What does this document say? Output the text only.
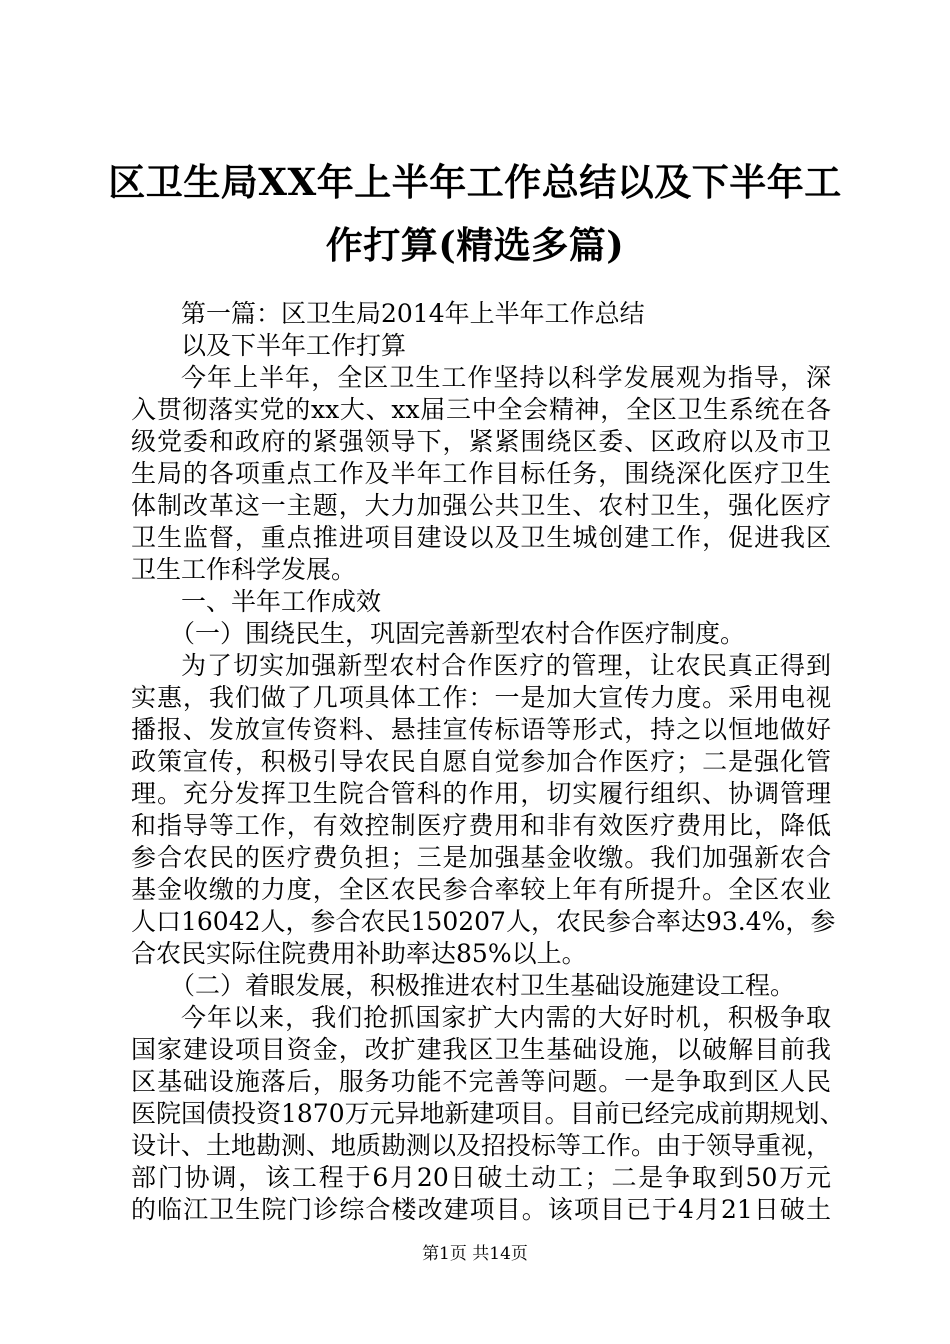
区卫生局XX年上半年工作总结以及下半年工
作打算(精选多篇)
第一篇：区卫生局2014年上半年工作总结
以及下半年工作打算
今年上半年，全区卫生工作坚持以科学发展观为指导，深
入贯彻落实党的xx大、xx届三中全会精神，全区卫生系统在各
级党委和政府的紧强领导下，紧紧围绕区委、区政府以及市卫
生局的各项重点工作及半年工作目标任务，围绕深化医疗卫生
体制改革这一主题，大力加强公共卫生、农村卫生，强化医疗
卫生监督，重点推进项目建设以及卫生城创建工作，促进我区
卫生工作科学发展。
一、半年工作成效
（一）围绕民生，巩固完善新型农村合作医疗制度。
为了切实加强新型农村合作医疗的管理，让农民真正得到
实惠，我们做了几项具体工作：一是加大宣传力度。采用电视
播报、发放宣传资料、悬挂宣传标语等形式，持之以恒地做好
政策宣传，积极引导农民自愿自觉参加合作医疗；二是强化管
理。充分发挥卫生院合管科的作用，切实履行组织、协调管理
和指导等工作，有效控制医疗费用和非有效医疗费用比，降低
参合农民的医疗费负担；三是加强基金收缴。我们加强新农合
基金收缴的力度，全区农民参合率较上年有所提升。全区农业
人口16042人，参合农民150207人，农民参合率达93.4%，参
合农民实际住院费用补助率达85%以上。
（二）着眼发展，积极推进农村卫生基础设施建设工程。
今年以来，我们抢抓国家扩大内需的大好时机，积极争取
国家建设项目资金，改扩建我区卫生基础设施，以破解目前我
区基础设施落后，服务功能不完善等问题。一是争取到区人民
医院国债投资1870万元异地新建项目。目前已经完成前期规划、
设计、土地勘测、地质勘测以及招投标等工作。由于领导重视，
部门协调，该工程于6月20日破土动工；二是争取到50万元
的临江卫生院门诊综合楼改建项目。该项目已于4月21日破土
第1页 共14页
